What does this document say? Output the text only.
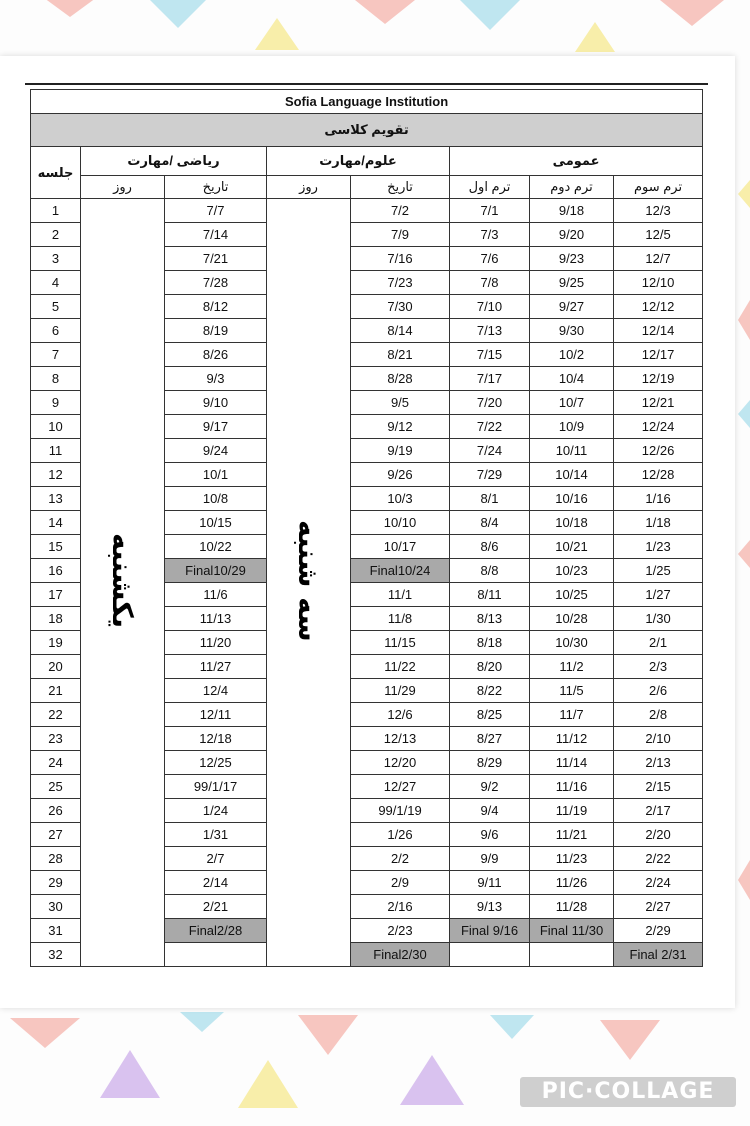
Sofia Language Institution							
تقویم کلاسی							
جلسه	ریاضی /مهارت		علوم/مهارت		عمومی		
	روز	تاریخ	روز	تاریخ	ترم اول	ترم دوم	ترم سوم
1	یکشنبه	7/7	سه شنبه	7/2	7/1	9/18	12/3
2		7/14		7/9	7/3	9/20	12/5
3		7/21		7/16	7/6	9/23	12/7
4		7/28		7/23	7/8	9/25	12/10
5		8/12		7/30	7/10	9/27	12/12
6		8/19		8/14	7/13	9/30	12/14
7		8/26		8/21	7/15	10/2	12/17
8		9/3		8/28	7/17	10/4	12/19
9		9/10		9/5	7/20	10/7	12/21
10		9/17		9/12	7/22	10/9	12/24
11		9/24		9/19	7/24	10/11	12/26
12		10/1		9/26	7/29	10/14	12/28
13		10/8		10/3	8/1	10/16	1/16
14		10/15		10/10	8/4	10/18	1/18
15		10/22		10/17	8/6	10/21	1/23
16		Final10/29		Final10/24	8/8	10/23	1/25
17		11/6		11/1	8/11	10/25	1/27
18		11/13		11/8	8/13	10/28	1/30
19		11/20		11/15	8/18	10/30	2/1
20		11/27		11/22	8/20	11/2	2/3
21		12/4		11/29	8/22	11/5	2/6
22		12/11		12/6	8/25	11/7	2/8
23		12/18		12/13	8/27	11/12	2/10
24		12/25		12/20	8/29	11/14	2/13
25		99/1/17		12/27	9/2	11/16	2/15
26		1/24		99/1/19	9/4	11/19	2/17
27		1/31		1/26	9/6	11/21	2/20
28		2/7		2/2	9/9	11/23	2/22
29		2/14		2/9	9/11	11/26	2/24
30		2/21		2/16	9/13	11/28	2/27
31		Final2/28		2/23	Final 9/16	Final 11/30	2/29
32				Final2/30			Final 2/31
PIC·COLLAGE
